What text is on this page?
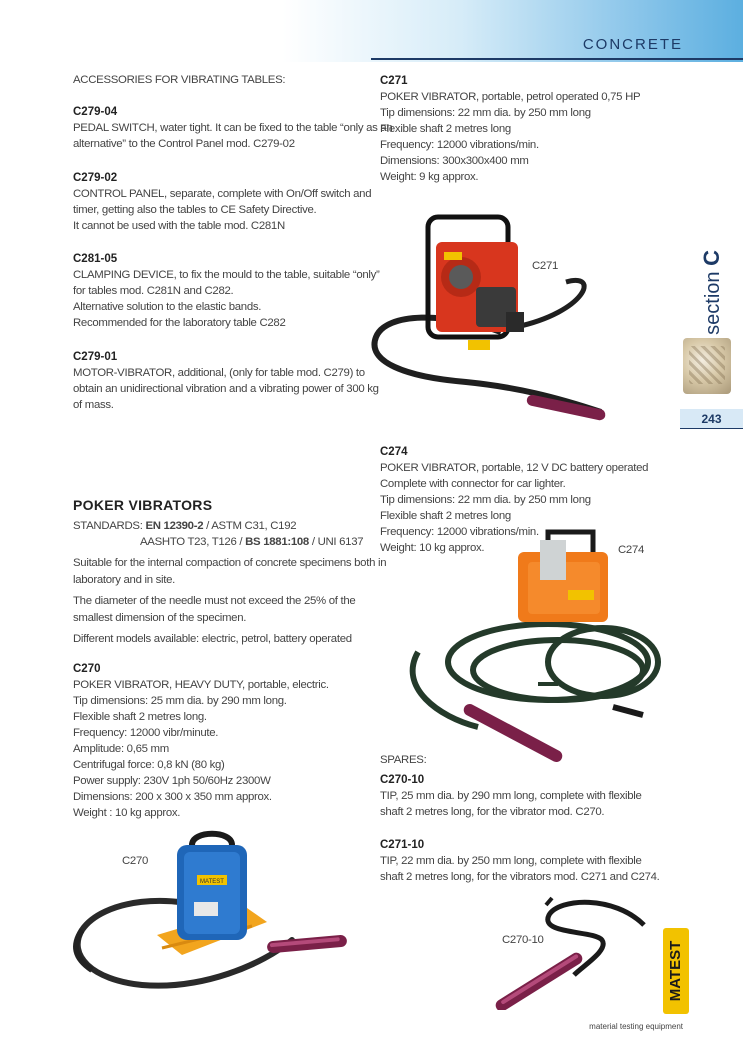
CONCRETE
section C
243
ACCESSORIES FOR VIBRATING TABLES:
C279-04
PEDAL SWITCH, water tight. It can be fixed to the table “only as an
alternative” to the Control Panel mod. C279-02
C279-02
CONTROL PANEL, separate, complete with On/Off switch and
timer, getting also the tables to CE Safety Directive.
It cannot be used with the table mod. C281N
C281-05
CLAMPING DEVICE, to fix the mould to the table, suitable “only”
for tables mod. C281N and C282.
Alternative solution to the elastic bands.
Recommended for the laboratory table C282
C279-01
MOTOR-VIBRATOR, additional, (only for table mod. C279) to
obtain an unidirectional vibration and a vibrating power of 300 kg
of mass.
POKER VIBRATORS
STANDARDS: EN 12390-2 / ASTM C31, C192
AASHTO T23, T126 / BS 1881:108 / UNI 6137
Suitable for the internal compaction of concrete specimens both in
laboratory and in site.
The diameter of the needle must not exceed the 25% of the
smallest dimension of the specimen.
Different models available: electric, petrol, battery operated
C270
POKER VIBRATOR, HEAVY DUTY, portable, electric.
Tip dimensions: 25 mm dia. by 290 mm long.
Flexible shaft 2 metres long.
Frequency: 12000 vibr/minute.
Amplitude: 0,65 mm
Centrifugal force: 0,8 kN (80 kg)
Power supply: 230V 1ph 50/60Hz 2300W
Dimensions: 200 x 300 x 350 mm approx.
Weight : 10 kg approx.
C270
MATEST
C271
POKER VIBRATOR, portable, petrol operated 0,75 HP
Tip dimensions: 22 mm dia. by 250 mm long
Flexible shaft 2 metres long
Frequency: 12000 vibrations/min.
Dimensions: 300x300x400 mm
Weight: 9 kg approx.
C271
C274
POKER VIBRATOR, portable, 12 V DC battery operated
Complete with connector for car lighter.
Tip dimensions: 22 mm dia. by 250 mm long
Flexible shaft 2 metres long
Frequency: 12000 vibrations/min.
Weight: 10 kg approx.	C274
SPARES:
C270-10
TIP, 25 mm dia. by 290 mm long, complete with flexible
shaft 2 metres long, for the vibrator mod. C270.
C271-10
TIP, 22 mm dia. by 250 mm long, complete with flexible
shaft 2 metres long, for the vibrators mod. C271 and C274.
C270-10
MATEST
material testing equipment
